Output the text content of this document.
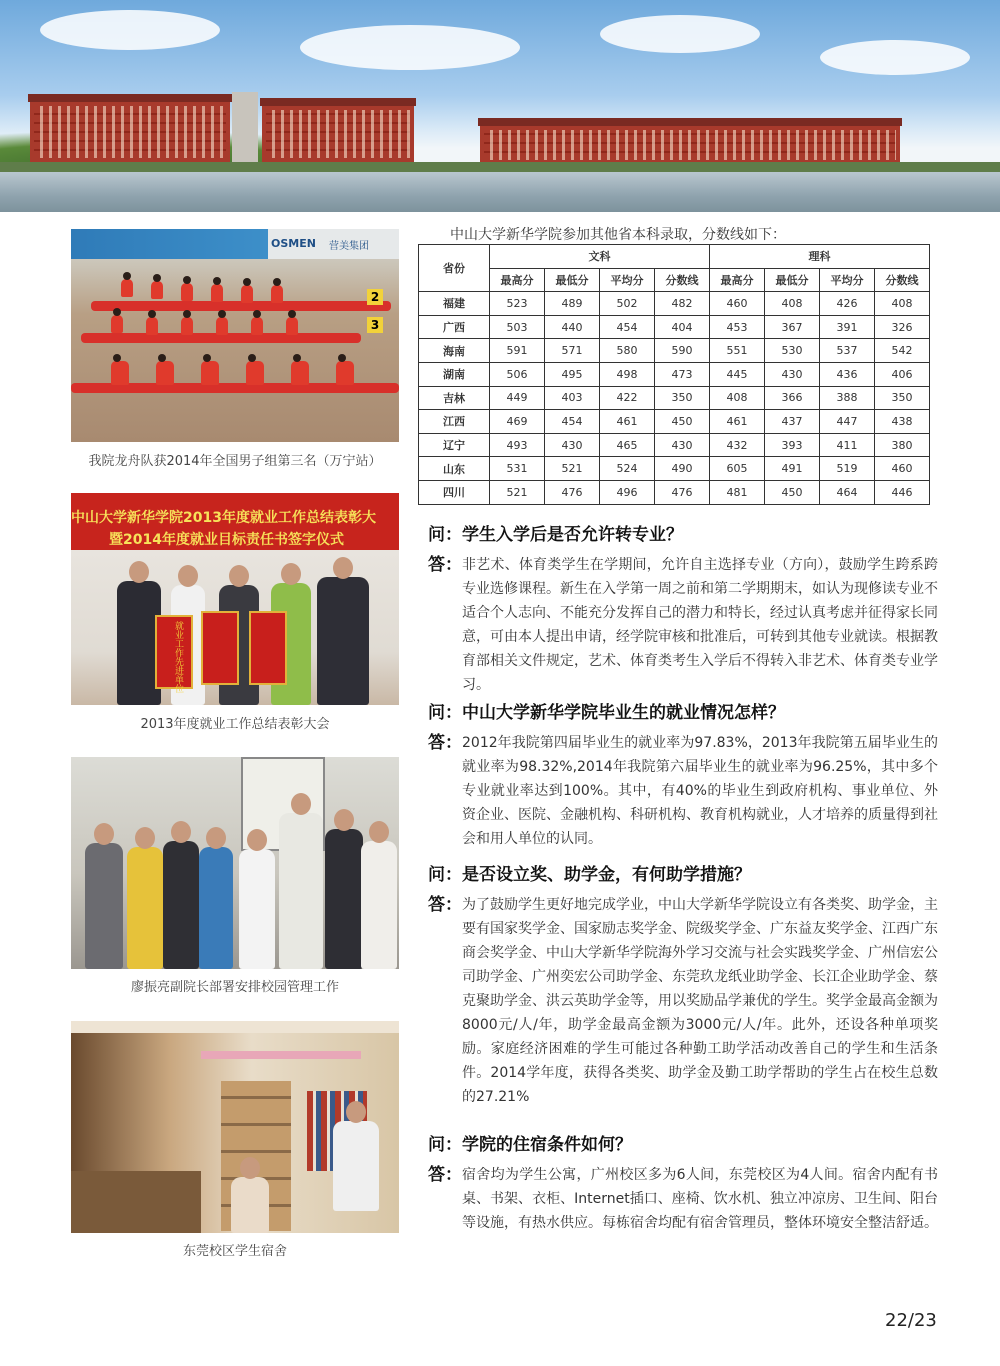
OSMEN 营美集团
2
3
我院龙舟队获2014年全国男子组第三名（万宁站）
中山大学新华学院2013年度就业工作总结表彰大
暨2014年度就业目标责任书签字仪式
就业工作先进单位
2013年度就业工作总结表彰大会
廖振亮副院长部署安排校园管理工作
东莞校区学生宿舍
中山大学新华学院参加其他省本科录取，分数线如下：
省份	文科				理科			
	最高分	最低分	平均分	分数线	最高分	最低分	平均分	分数线
福建	523	489	502	482	460	408	426	408
广西	503	440	454	404	453	367	391	326
海南	591	571	580	590	551	530	537	542
湖南	506	495	498	473	445	430	436	406
吉林	449	403	422	350	408	366	388	350
江西	469	454	461	450	461	437	447	438
辽宁	493	430	465	430	432	393	411	380
山东	531	521	524	490	605	491	519	460
四川	521	476	496	476	481	450	464	446
问：学生入学后是否允许转专业？
答： 非艺术、体育类学生在学期间，允许自主选择专业（方向），鼓励学生跨系跨专业选修课程。新生在入学第一周之前和第二学期期末，如认为现修读专业不适合个人志向、不能充分发挥自己的潜力和特长，经过认真考虑并征得家长同意，可由本人提出申请，经学院审核和批准后，可转到其他专业就读。根据教育部相关文件规定，艺术、体育类考生入学后不得转入非艺术、体育类专业学习。
问：中山大学新华学院毕业生的就业情况怎样？
答： 2012年我院第四届毕业生的就业率为97.83%，2013年我院第五届毕业生的就业率为98.32%,2014年我院第六届毕业生的就业率为96.25%，其中多个专业就业率达到100%。其中，有40%的毕业生到政府机构、事业单位、外资企业、医院、金融机构、科研机构、教育机构就业，人才培养的质量得到社会和用人单位的认同。
问：是否设立奖、助学金，有何助学措施？
答： 为了鼓励学生更好地完成学业，中山大学新华学院设立有各类奖、助学金，主要有国家奖学金、国家励志奖学金、院级奖学金、广东益友奖学金、江西广东商会奖学金、中山大学新华学院海外学习交流与社会实践奖学金、广州信宏公司助学金、广州奕宏公司助学金、东莞玖龙纸业助学金、长江企业助学金、蔡克聚助学金、洪云英助学金等，用以奖励品学兼优的学生。奖学金最高金额为8000元/人/年，助学金最高金额为3000元/人/年。此外，还设各种单项奖励。家庭经济困难的学生可能过各种勤工助学活动改善自己的学生和生活条件。2014学年度，获得各类奖、助学金及勤工助学帮助的学生占在校生总数的27.21%
问：学院的住宿条件如何？
答： 宿舍均为学生公寓，广州校区多为6人间，东莞校区为4人间。宿舍内配有书桌、书架、衣柜、Internet插口、座椅、饮水机、独立冲凉房、卫生间、阳台等设施，有热水供应。每栋宿舍均配有宿舍管理员，整体环境安全整洁舒适。
22/23
